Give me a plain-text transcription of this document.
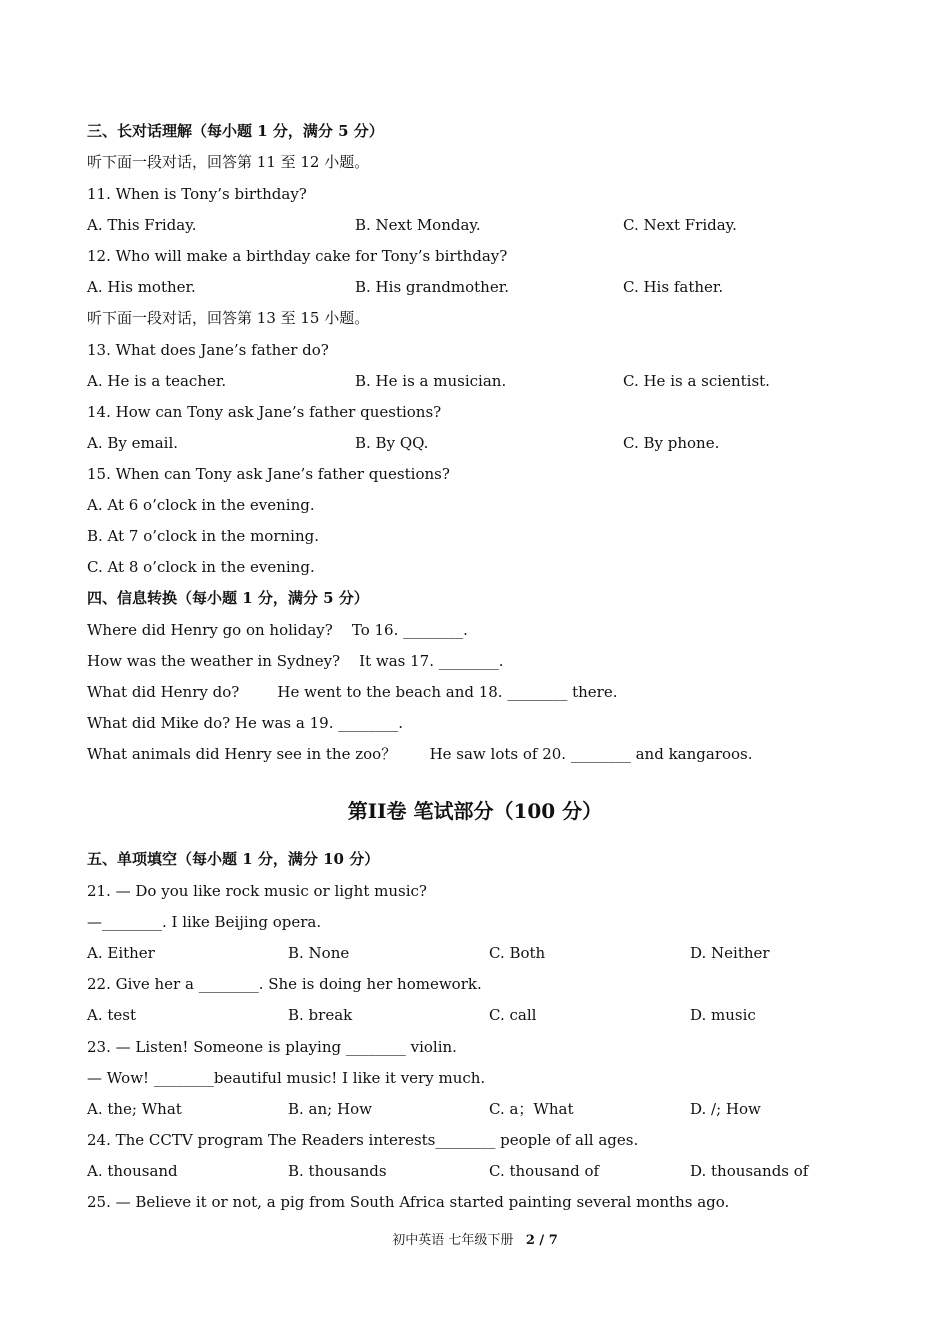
三、长对话理解（每小题 1 分，满分 5 分）
听下面一段对话，回答第 11 至 12 小题。
11. When is Tony’s birthday?
A. This Friday.	B. Next Monday.	C. Next Friday.
12. Who will make a birthday cake for Tony’s birthday?
A. His mother.	B. His grandmother.	C. His father.
听下面一段对话，回答第 13 至 15 小题。
13. What does Jane’s father do?
A. He is a teacher.	B. He is a musician.	C. He is a scientist.
14. How can Tony ask Jane’s father questions?
A. By email.	B. By QQ.	C. By phone.
15. When can Tony ask Jane’s father questions?
A. At 6 o’clock in the evening.
B. At 7 o’clock in the morning.
C. At 8 o’clock in the evening.
四、信息转换（每小题 1 分，满分 5 分）
Where did Henry go on holiday?    To 16. ________.
How was the weather in Sydney?    It was 17. ________.
What did Henry do?        He went to the beach and 18. ________ there.
What did Mike do? He was a 19. ________.
What animals did Henry see in the zoo？       He saw lots of 20. ________ and kangaroos.
第II卷 笔试部分（100 分）
五、单项填空（每小题 1 分，满分 10 分）
21. — Do you like rock music or light music?
—________. I like Beijing opera.
A. Either	B. None	C. Both	D. Neither
22. Give her a ________. She is doing her homework.
A. test	B. break	C. call	D. music
23. — Listen! Someone is playing ________ violin.
— Wow! ________beautiful music! I like it very much.
A. the; What	B. an; How	C. a；What	D. /; How
24. The CCTV program The Readers interests________ people of all ages.
A. thousand	B. thousands	C. thousand of	D. thousands of
25. — Believe it or not, a pig from South Africa started painting several months ago.
初中英语 七年级下册 2 / 7
